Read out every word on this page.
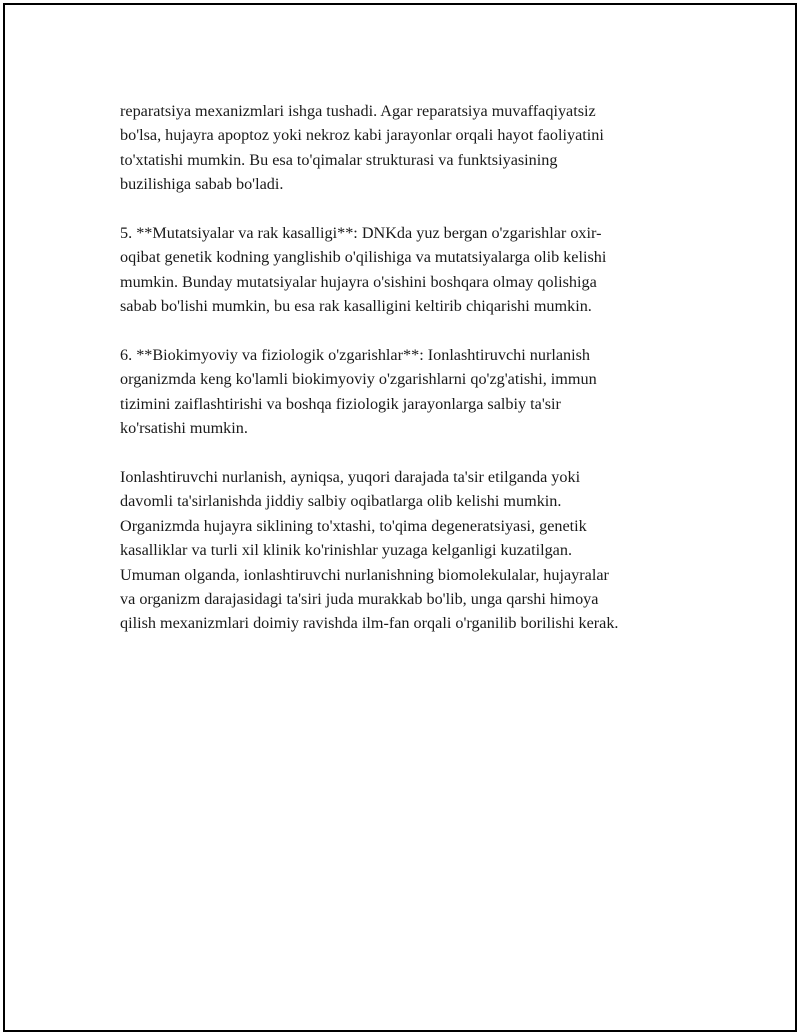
reparatsiya mexanizmlari ishga tushadi. Agar reparatsiya muvaffaqiyatsiz
bo'lsa, hujayra apoptoz yoki nekroz kabi jarayonlar orqali hayot faoliyatini
to'xtatishi mumkin. Bu esa to'qimalar strukturasi va funktsiyasining
buzilishiga sabab bo'ladi.

5. **Mutatsiyalar va rak kasalligi**: DNKda yuz bergan o'zgarishlar oxir-
oqibat genetik kodning yanglishib o'qilishiga va mutatsiyalarga olib kelishi
mumkin. Bunday mutatsiyalar hujayra o'sishini boshqara olmay qolishiga
sabab bo'lishi mumkin, bu esa rak kasalligini keltirib chiqarishi mumkin.

6. **Biokimyoviy va fiziologik o'zgarishlar**: Ionlashtiruvchi nurlanish
organizmda keng ko'lamli biokimyoviy o'zgarishlarni qo'zg'atishi, immun
tizimini zaiflashtirishi va boshqa fiziologik jarayonlarga salbiy ta'sir
ko'rsatishi mumkin.

Ionlashtiruvchi nurlanish, ayniqsa, yuqori darajada ta'sir etilganda yoki
davomli ta'sirlanishda jiddiy salbiy oqibatlarga olib kelishi mumkin.
Organizmda hujayra siklining to'xtashi, to'qima degeneratsiyasi, genetik
kasalliklar va turli xil klinik ko'rinishlar yuzaga kelganligi kuzatilgan.
Umuman olganda, ionlashtiruvchi nurlanishning biomolekulalar, hujayralar
va organizm darajasidagi ta'siri juda murakkab bo'lib, unga qarshi himoya
qilish mexanizmlari doimiy ravishda ilm-fan orqali o'rganilib borilishi kerak.
